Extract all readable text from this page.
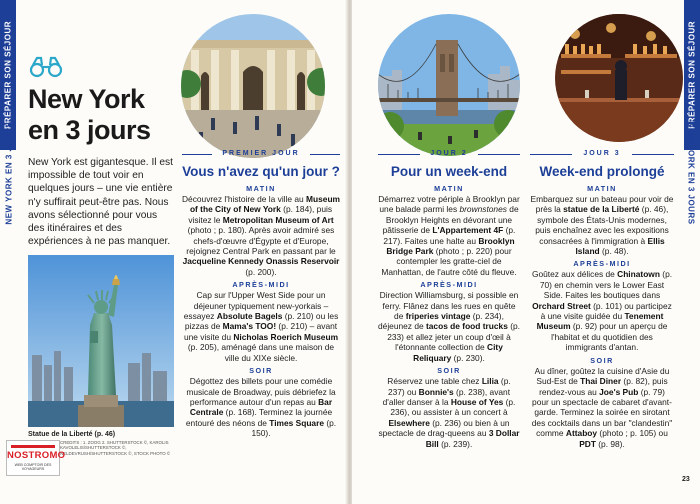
PRÉPARER SON SÉJOUR
NEW YORK EN 3 JOURS
New York
en 3 jours

New York est gigantesque. Il est impossible de tout voir en quelques jours – une vie entière n'y suffirait peut-être pas. Nous avons sélectionné pour vous des itinéraires et des expériences à ne pas manquer.

Statue de la Liberté (p. 46)
CREDITS : 1. ZOOG 2. SHUTTERSTOCK ©, KAROLIS KAVOLELIS/SHUTTERSTOCK ©, NELDEVRUSH/SHUTTERSTOCK ©, STOCK PHOTO ©
NOSTROMO
WEB COMPTOIR DES VOYAGEURS
PREMIER JOUR
Vous n'avez qu'un jour ?
MATIN

Découvrez l'histoire de la ville au Museum of the City of New York (p. 184), puis visitez le Metropolitan Museum of Art (photo ; p. 180). Après avoir admiré ses chefs-d'œuvre d'Égypte et d'Europe, rejoignez Central Park en passant par le Jacqueline Kennedy Onassis Reservoir (p. 200).

APRÈS-MIDI

Cap sur l'Upper West Side pour un déjeuner typiquement new-yorkais – essayez Absolute Bagels (p. 210) ou les pizzas de Mama's TOO! (p. 210) – avant une visite du Nicholas Roerich Museum (p. 205), aménagé dans une maison de ville du XIXe siècle.

SOIR

Dégottez des billets pour une comédie musicale de Broadway, puis débriefez la performance autour d'un repas au Bar Centrale (p. 168). Terminez la journée entouré des néons de Times Square (p. 150).

PRÉPARER SON SÉJOUR
NEW YORK EN 3 JOURS
23
JOUR 2
Pour un week-end
MATIN

Démarrez votre périple à Brooklyn par une balade parmi les brownstones de Brooklyn Heights en dévorant une pâtisserie de L'Appartement 4F (p. 217). Faites une halte au Brooklyn Bridge Park (photo ; p. 220) pour contempler les gratte-ciel de Manhattan, de l'autre côté du fleuve.

APRÈS-MIDI

Direction Williamsburg, si possible en ferry. Flânez dans les rues en quête de friperies vintage (p. 234), déjeunez de tacos de food trucks (p. 233) et allez jeter un coup d'œil à l'étonnante collection de City Reliquary (p. 230).

SOIR

Réservez une table chez Lilia (p. 237) ou Bonnie's (p. 238), avant d'aller danser à la House of Yes (p. 236), ou assister à un concert à Elsewhere (p. 236) ou bien à un spectacle de drag-queens au 3 Dollar Bill (p. 239).

JOUR 3
Week-end prolongé
MATIN

Embarquez sur un bateau pour voir de près la statue de la Liberté (p. 46), symbole des États-Unis modernes, puis enchaînez avec les expositions consacrées à l'immigration à Ellis Island (p. 48).

APRÈS-MIDI

Goûtez aux délices de Chinatown (p. 70) en chemin vers le Lower East Side. Faites les boutiques dans Orchard Street (p. 101) ou participez à une visite guidée du Tenement Museum (p. 92) pour un aperçu de l'habitat et du quotidien des immigrants d'antan.

SOIR

Au dîner, goûtez la cuisine d'Asie du Sud-Est de Thai Diner (p. 82), puis rendez-vous au Joe's Pub (p. 79) pour un spectacle de cabaret d'avant-garde. Terminez la soirée en sirotant des cocktails dans un bar "clandestin" comme Attaboy (photo ; p. 105) ou PDT (p. 98).
